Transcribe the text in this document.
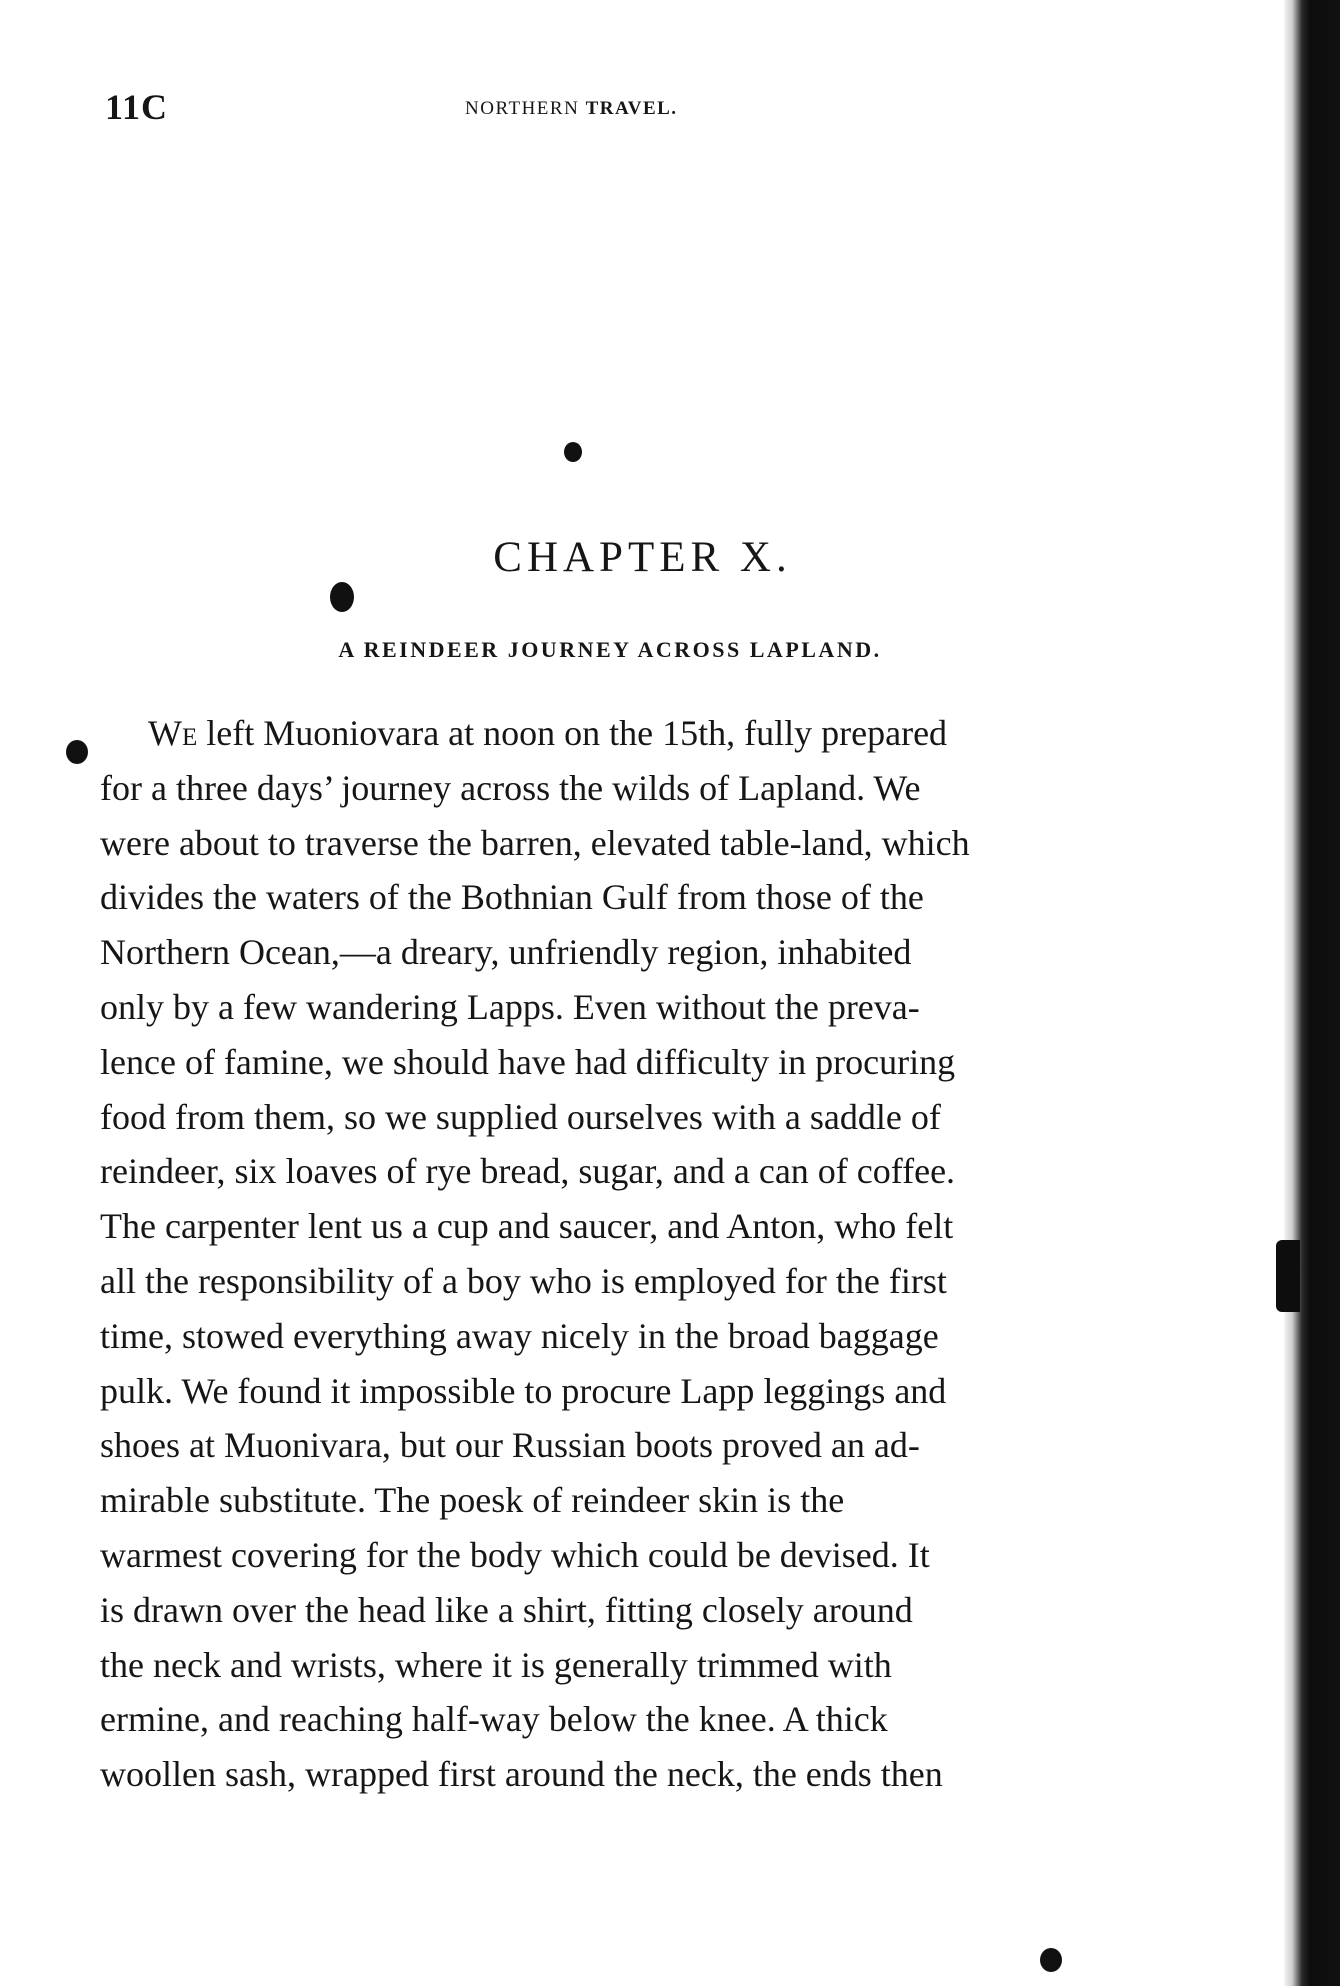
11C	NORTHERN TRAVEL.
CHAPTER X.
A REINDEER JOURNEY ACROSS LAPLAND.
We left Muoniovara at noon on the 15th, fully prepared
for a three days’ journey across the wilds of Lapland. We
were about to traverse the barren, elevated table-land, which
divides the waters of the Bothnian Gulf from those of the
Northern Ocean,—a dreary, unfriendly region, inhabited
only by a few wandering Lapps. Even without the preva-
lence of famine, we should have had difficulty in procuring
food from them, so we supplied ourselves with a saddle of
reindeer, six loaves of rye bread, sugar, and a can of coffee.
The carpenter lent us a cup and saucer, and Anton, who felt
all the responsibility of a boy who is employed for the first
time, stowed everything away nicely in the broad baggage
pulk. We found it impossible to procure Lapp leggings and
shoes at Muonivara, but our Russian boots proved an ad-
mirable substitute. The poesk of reindeer skin is the
warmest covering for the body which could be devised. It
is drawn over the head like a shirt, fitting closely around
the neck and wrists, where it is generally trimmed with
ermine, and reaching half-way below the knee. A thick
woollen sash, wrapped first around the neck, the ends then
